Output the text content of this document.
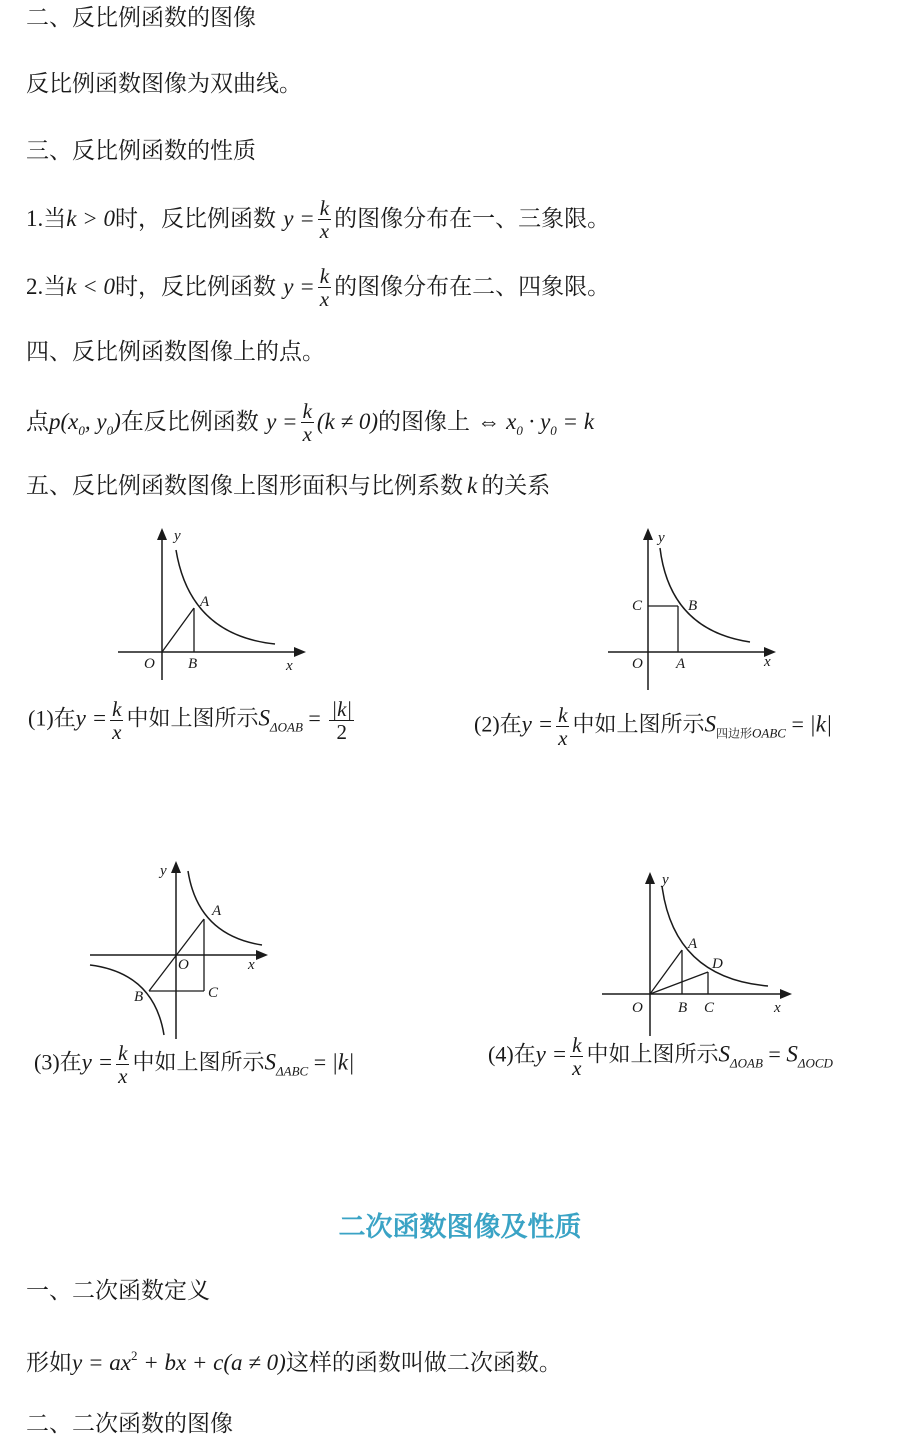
二、反比例函数的图像
反比例函数图像为双曲线。
三、反比例函数的性质
1.当k > 0时，反比例函数 $y = \frac{k}{x}$ 的图像分布在一、三象限。
2.当k < 0时，反比例函数 $y = \frac{k}{x}$ 的图像分布在二、四象限。
四、反比例函数图像上的点。
点$p(x_0$, $y_0$)在反比例函数 $y = \frac{k}{x} (k \ne 0)$的图像上 ⇔ $x_0 \cdot y_0 = k$
五、反比例函数图像上图形面积与比例系数 k 的关系
y
x
O
A
B
y
x
O A
B
C
(1)在$y = \frac{k}{x}$ 中如上图所示$S_{\Delta OAB} = \frac{|k|}{2}$	(2)在$y = \frac{k}{x}$ 中如上图所示$S_{四边形OABC} = |k|$
y
x
O
A
B	C
y
x
O
A
B C
D
(3)在$y = \frac{k}{x}$ 中如上图所示$S_{\Delta ABC} = |k|$	(4)在$y = \frac{k}{x}$ 中如上图所示$S_{\Delta OAB} = S_{\Delta OCD}$
二次函数图像及性质
一、二次函数定义
形如$y = ax^2$ + bx + c(a ≠ 0)这样的函数叫做二次函数。
二、二次函数的图像
